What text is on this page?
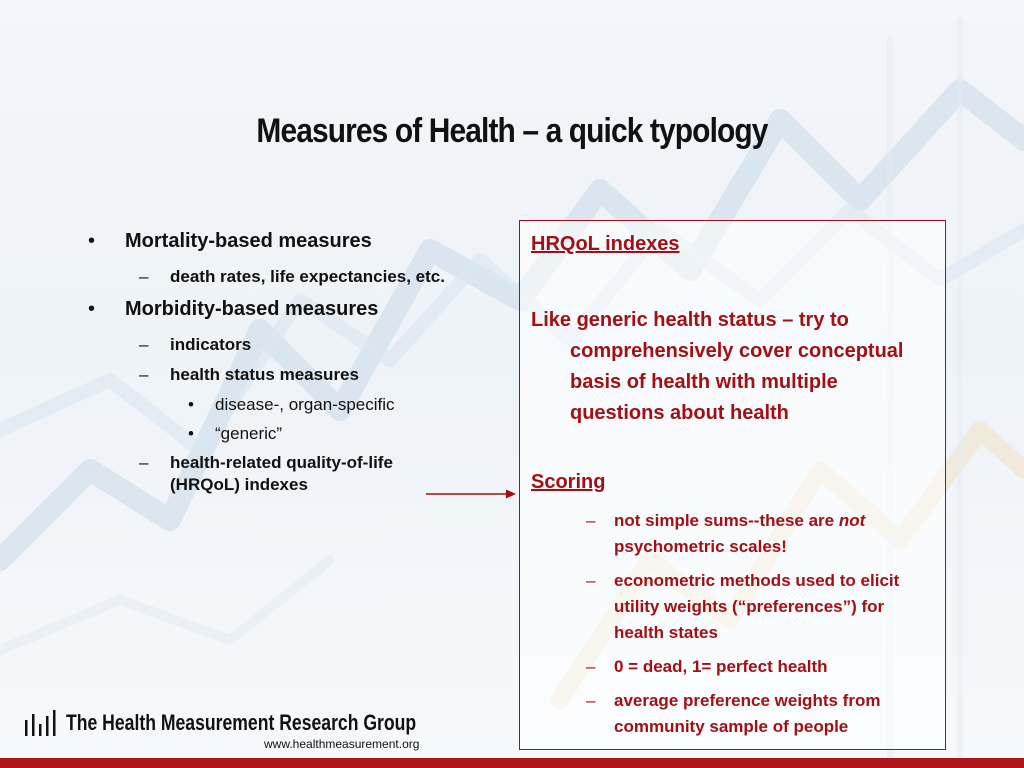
Measures of Health – a quick typology
• Mortality-based measures
– death rates, life expectancies, etc.
• Morbidity-based measures
– indicators
– health status measures
• disease-, organ-specific
• “generic”
– health-related quality-of-life
(HRQoL) indexes
HRQoL indexes
Like generic health status – try to
comprehensively cover conceptual basis of health with multiple questions about health
Scoring
– not simple sums--these are not psychometric scales!
– econometric methods used to elicit utility weights (“preferences”) for health states
– 0 = dead, 1= perfect health
– average preference weights from community sample of people
The Health Measurement Research Group
www.healthmeasurement.org
